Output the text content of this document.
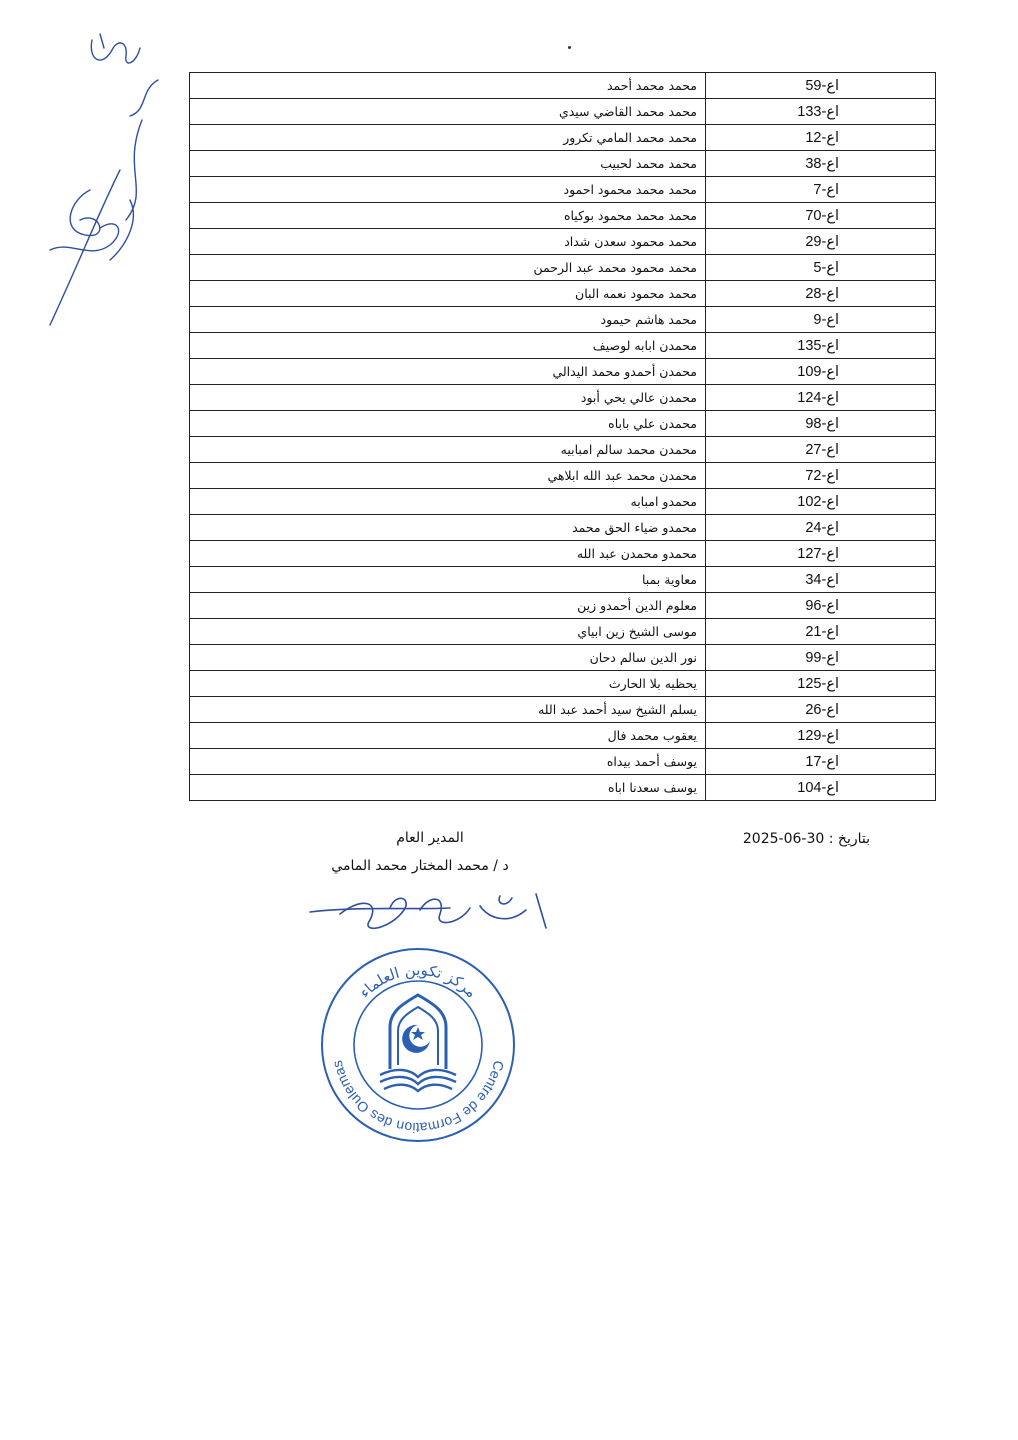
اع-59	محمد محمد أحمد
اع-133	محمد محمد القاضي سيدي
اع-12	محمد محمد المامي تكرور
اع-38	محمد محمد لحبيب
اع-7	محمد محمد محمود احمود
اع-70	محمد محمد محمود بوكياه
اع-29	محمد محمود سعدن شداد
اع-5	محمد محمود محمد عبد الرحمن
اع-28	محمد محمود نعمه البان
اع-9	محمد هاشم حيمود
اع-135	محمدن ابابه لوصيف
اع-109	محمدن أحمدو محمد اليدالي
اع-124	محمدن عالي يحي أبود
اع-98	محمدن علي باباه
اع-27	محمدن محمد سالم امبابيه
اع-72	محمدن محمد عبد الله ابلاهي
اع-102	محمدو امبابه
اع-24	محمدو ضياء الحق محمد
اع-127	محمدو محمدن عبد الله
اع-34	معاوية بمبا
اع-96	معلوم الدين أحمدو زين
اع-21	موسى الشيخ زين ابياي
اع-99	نور الدين سالم دحان
اع-125	يحظيه بلا الحارث
اع-26	يسلم الشيخ سيد أحمد عبد الله
اع-129	يعقوب محمد فال
اع-17	يوسف أحمد بيداه
اع-104	يوسف سعدنا اباه
بتاريخ : 30-06-2025
المدير العام
د / محمد المختار محمد المامي
مركز تكوين العلماء
Centre de Formation des Oulemas
